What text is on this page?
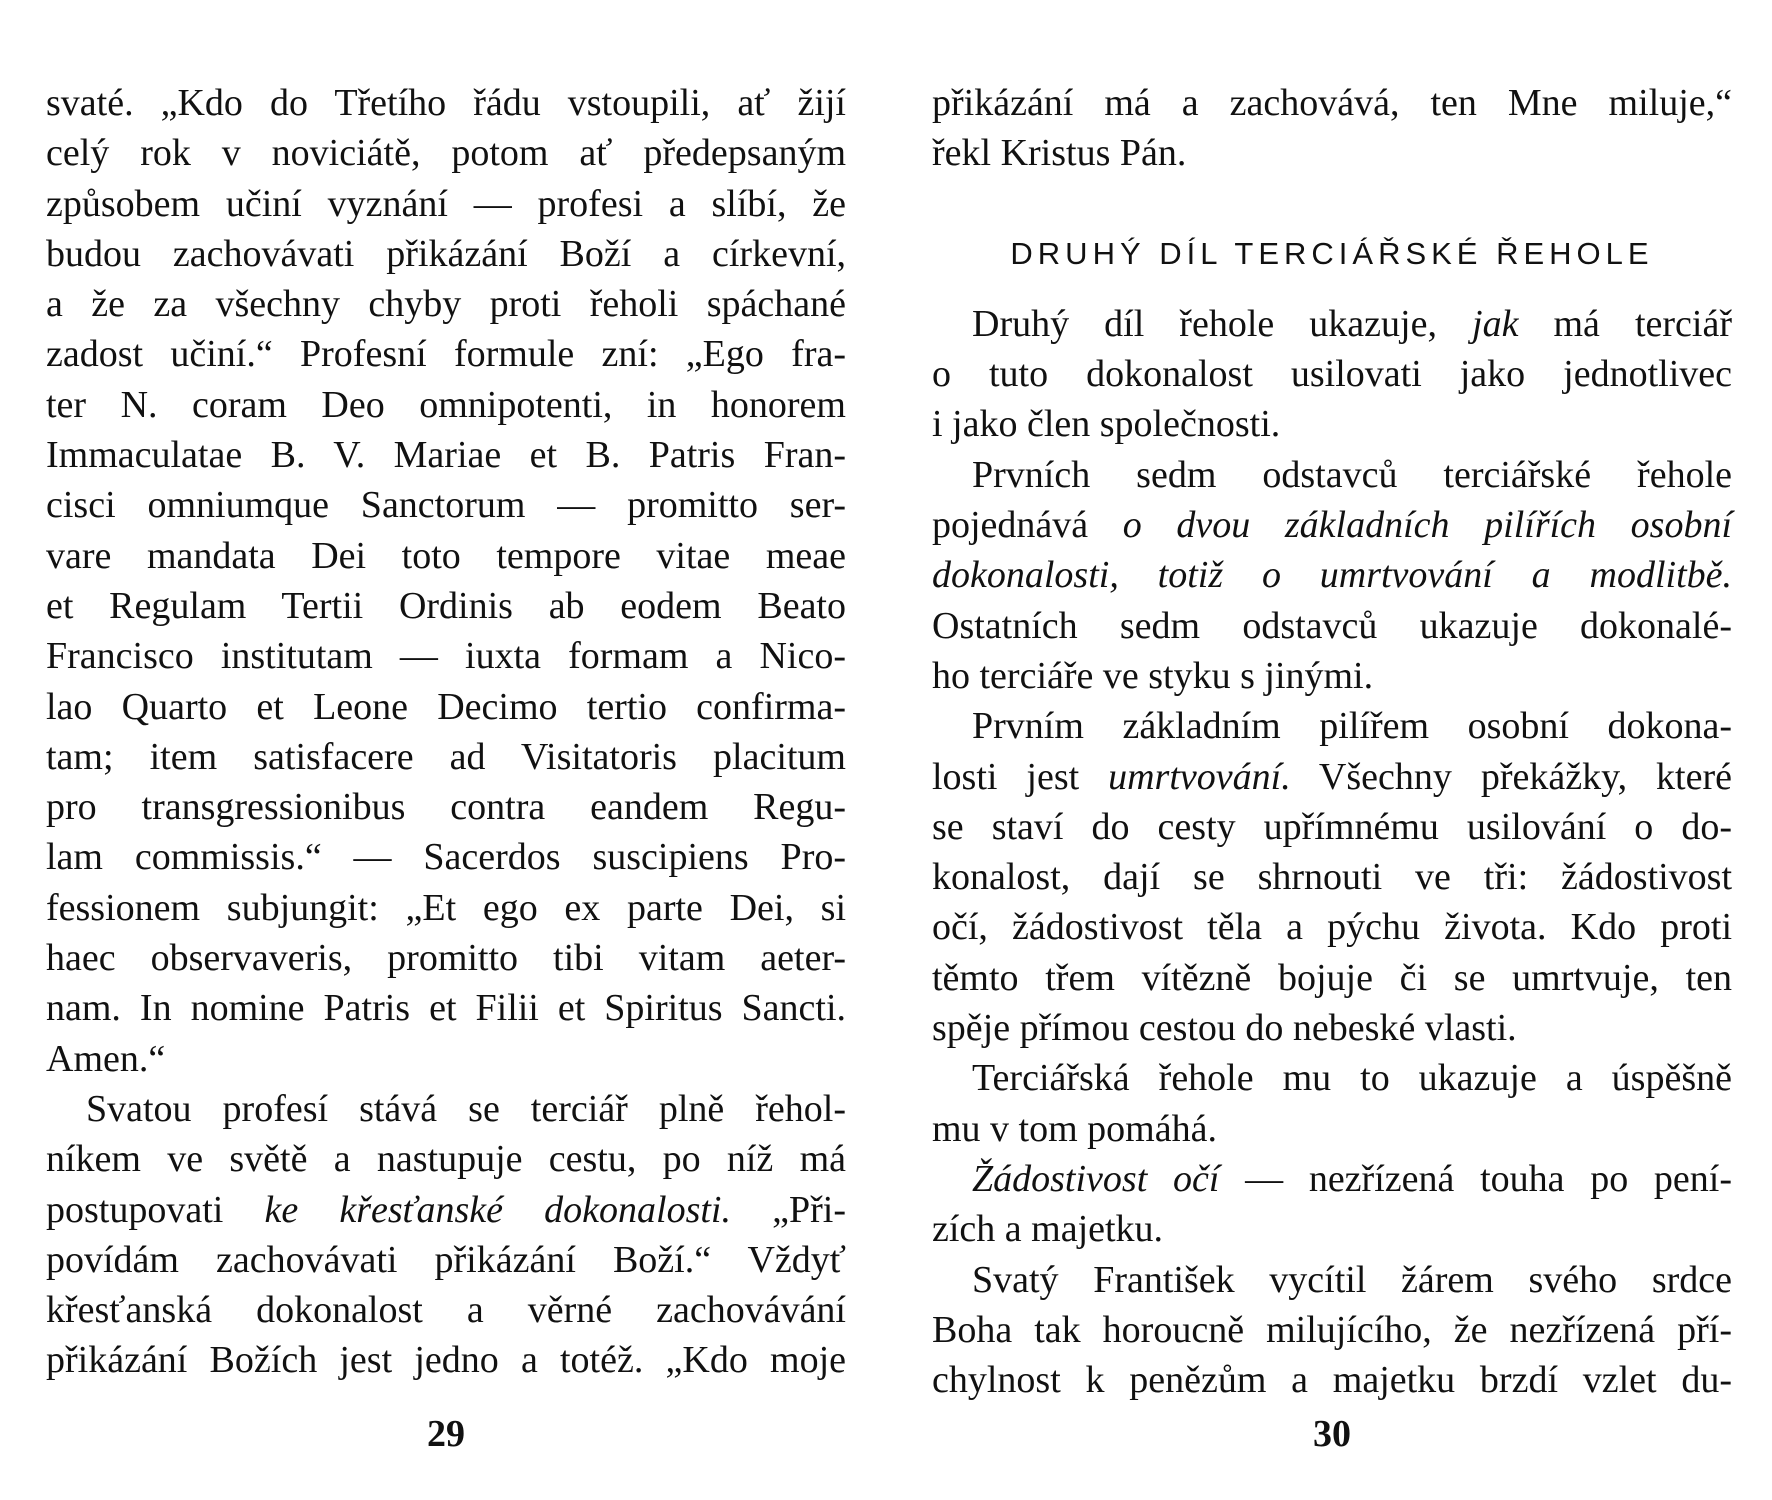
svaté. „Kdo do Třetího řádu vstoupili, ať žijí
celý rok v noviciátě, potom ať předepsaným
způsobem učiní vyznání — profesi a slíbí, že
budou zachovávati přikázání Boží a církevní,
a že za všechny chyby proti řeholi spáchané
zadost učiní.“ Profesní formule zní: „Ego fra-
ter N. coram Deo omnipotenti, in honorem
Immaculatae B. V. Mariae et B. Patris Fran-
cisci omniumque Sanctorum — promitto ser-
vare mandata Dei toto tempore vitae meae
et Regulam Tertii Ordinis ab eodem Beato
Francisco institutam — iuxta formam a Nico-
lao Quarto et Leone Decimo tertio confirma-
tam; item satisfacere ad Visitatoris placitum
pro transgressionibus contra eandem Regu-
lam commissis.“ — Sacerdos suscipiens Pro-
fessionem subjungit: „Et ego ex parte Dei, si
haec observaveris, promitto tibi vitam aeter-
nam. In nomine Patris et Filii et Spiritus Sancti.
Amen.“
Svatou profesí stává se terciář plně řehol-
níkem ve světě a nastupuje cestu, po níž má
postupovati ke křesťanské dokonalosti. „Při-
povídám zachovávati přikázání Boží.“ Vždyť
křesťanská dokonalost a věrné zachovávání
přikázání Božích jest jedno a totéž. „Kdo moje
29
přikázání má a zachovává, ten Mne miluje,“
řekl Kristus Pán.
DRUHÝ DÍL TERCIÁŘSKÉ ŘEHOLE
Druhý díl řehole ukazuje, jak má terciář
o tuto dokonalost usilovati jako jednotlivec
i jako člen společnosti.
Prvních sedm odstavců terciářské řehole
pojednává o dvou základních pilířích osobní
dokonalosti, totiž o umrtvování a modlitbě.
Ostatních sedm odstavců ukazuje dokonalé-
ho terciáře ve styku s jinými.
Prvním základním pilířem osobní dokona-
losti jest umrtvování. Všechny překážky, které
se staví do cesty upřímnému usilování o do-
konalost, dají se shrnouti ve tři: žádostivost
očí, žádostivost těla a pýchu života. Kdo proti
těmto třem vítězně bojuje či se umrtvuje, ten
spěje přímou cestou do nebeské vlasti.
Terciářská řehole mu to ukazuje a úspěšně
mu v tom pomáhá.
Žádostivost očí — nezřízená touha po pení-
zích a majetku.
Svatý František vycítil žárem svého srdce
Boha tak horoucně milujícího, že nezřízená pří-
chylnost k penězům a majetku brzdí vzlet du-
30
